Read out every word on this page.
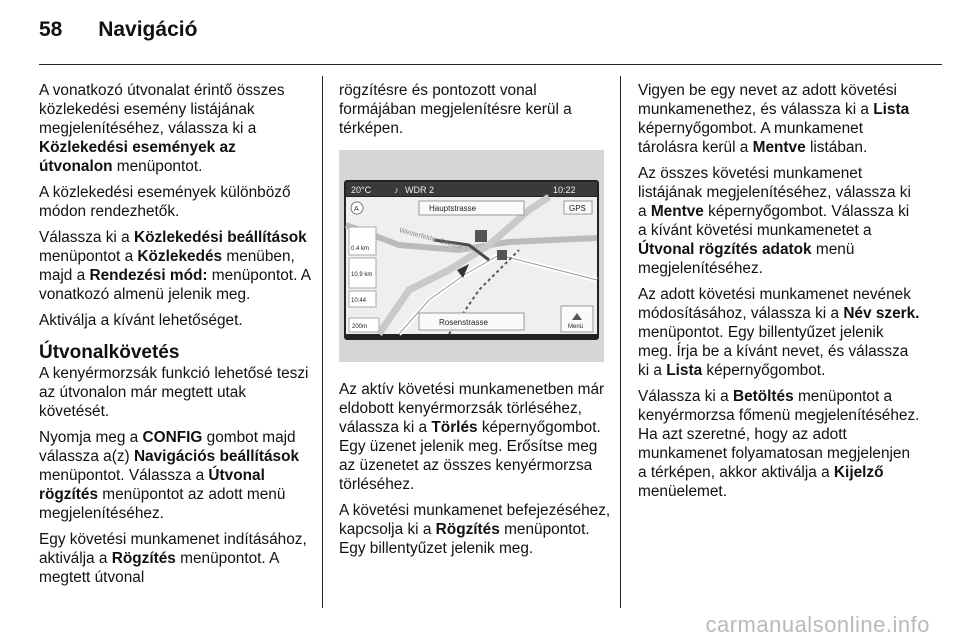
58 Navigáció

A vonatkozó útvonalat érintő összes közlekedési esemény listájának megjelenítéséhez, válassza ki a Közlekedési események az útvonalon menüpontot.

A közlekedési események különböző módon rendezhetők.

Válassza ki a Közlekedési beállítások menüpontot a Közlekedés menüben, majd a Rendezési mód: menüpontot. A vonatkozó almenü jelenik meg.

Aktiválja a kívánt lehetőséget.

Útvonalkövetés

A kenyérmorzsák funkció lehetősé teszi az útvonalon már megtett utak követését.

Nyomja meg a CONFIG gombot majd válassza a(z) Navigációs beállítások menüpontot. Válassza a Útvonal rögzítés menüpontot az adott menü megjelenítéséhez.

Egy követési munkamenet indításához, aktiválja a Rögzítés menüpontot. A megtett útvonal

rögzítésre és pontozott vonal formájában megjelenítésre kerül a térképen.

20°C	♪ WDR 2	10:22
Westerfelder Strasse
Hauptstrasse	GPS
A
0.4 km
10.9 km
10:44
200m	Rosenstrasse	Menü

Az aktív követési munkamenetben már eldobott kenyérmorzsák törléséhez, válassza ki a Törlés képernyőgombot. Egy üzenet jelenik meg. Erősítse meg az üzenetet az összes kenyérmorzsa törléséhez.

A követési munkamenet befejezéséhez, kapcsolja ki a Rögzítés menüpontot. Egy billentyűzet jelenik meg.

Vigyen be egy nevet az adott követési munkamenethez, és válassza ki a Lista képernyőgombot. A munkamenet tárolásra kerül a Mentve listában.

Az összes követési munkamenet listájának megjelenítéséhez, válassza ki a Mentve képernyőgombot. Válassza ki a kívánt követési munkamenetet a Útvonal rögzítés adatok menü megjelenítéséhez.

Az adott követési munkamenet nevének módosításához, válassza ki a Név szerk. menüpontot. Egy billentyűzet jelenik meg. Írja be a kívánt nevet, és válassza ki a Lista képernyőgombot.

Válassza ki a Betöltés menüpontot a kenyérmorzsa főmenü megjelenítéséhez. Ha azt szeretné, hogy az adott munkamenet folyamatosan megjelenjen a térképen, akkor aktiválja a Kijelző menüelemet.

carmanualsonline.info
